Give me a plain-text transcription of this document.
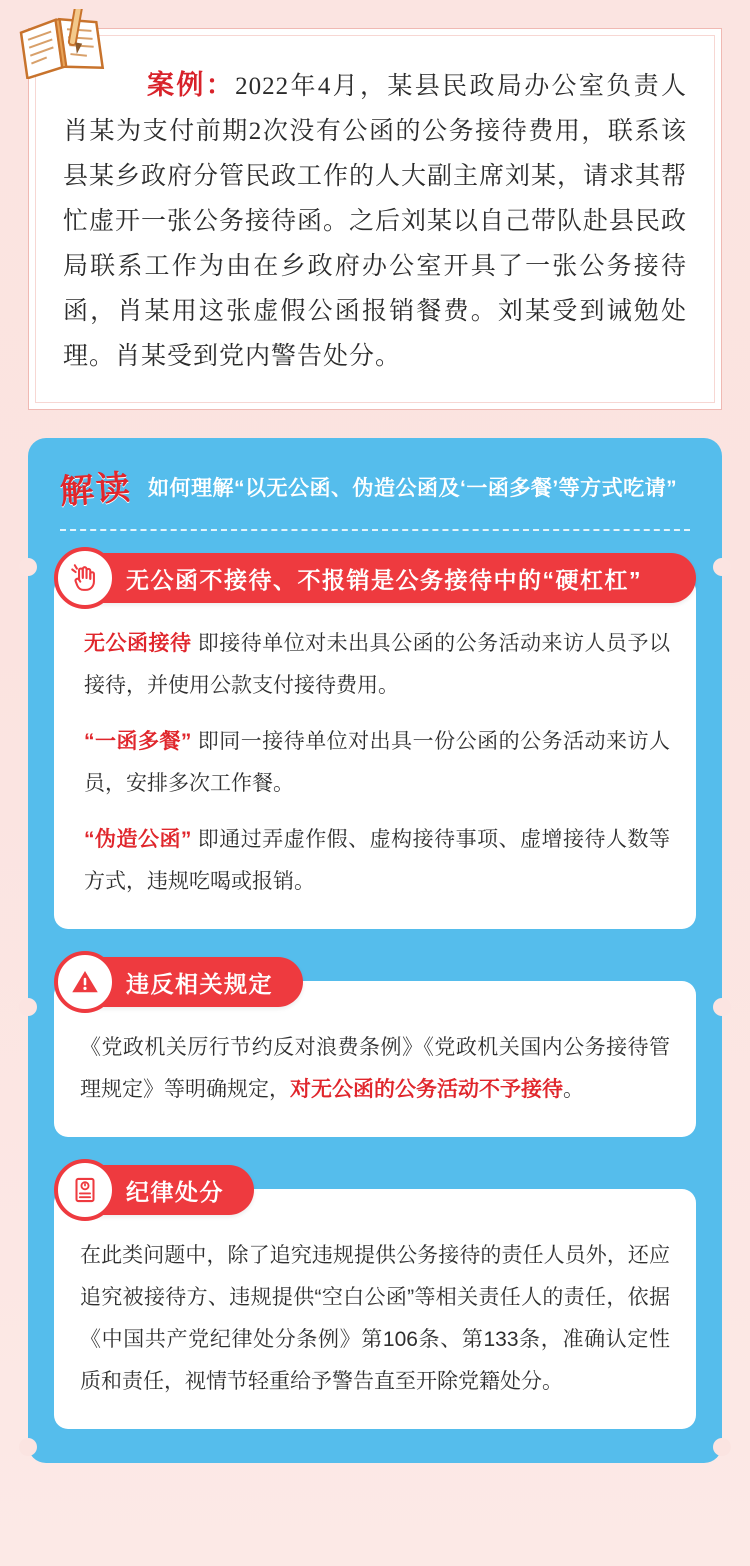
案例：2022年4月，某县民政局办公室负责人肖某为支付前期2次没有公函的公务接待费用，联系该县某乡政府分管民政工作的人大副主席刘某，请求其帮忙虚开一张公务接待函。之后刘某以自己带队赴县民政局联系工作为由在乡政府办公室开具了一张公务接待函，肖某用这张虚假公函报销餐费。刘某受到诫勉处理。肖某受到党内警告处分。
解读 如何理解“以无公函、伪造公函及‘一函多餐’等方式吃请”
无公函不接待、不报销是公务接待中的“硬杠杠”

无公函接待 即接待单位对未出具公函的公务活动来访人员予以接待，并使用公款支付接待费用。

“一函多餐” 即同一接待单位对出具一份公函的公务活动来访人员，安排多次工作餐。

“伪造公函” 即通过弄虚作假、虚构接待事项、虚增接待人数等方式，违规吃喝或报销。

违反相关规定

《党政机关厉行节约反对浪费条例》《党政机关国内公务接待管理规定》等明确规定，对无公函的公务活动不予接待。

纪律处分

在此类问题中，除了追究违规提供公务接待的责任人员外，还应追究被接待方、违规提供“空白公函”等相关责任人的责任，依据《中国共产党纪律处分条例》第106条、第133条，准确认定性质和责任，视情节轻重给予警告直至开除党籍处分。
